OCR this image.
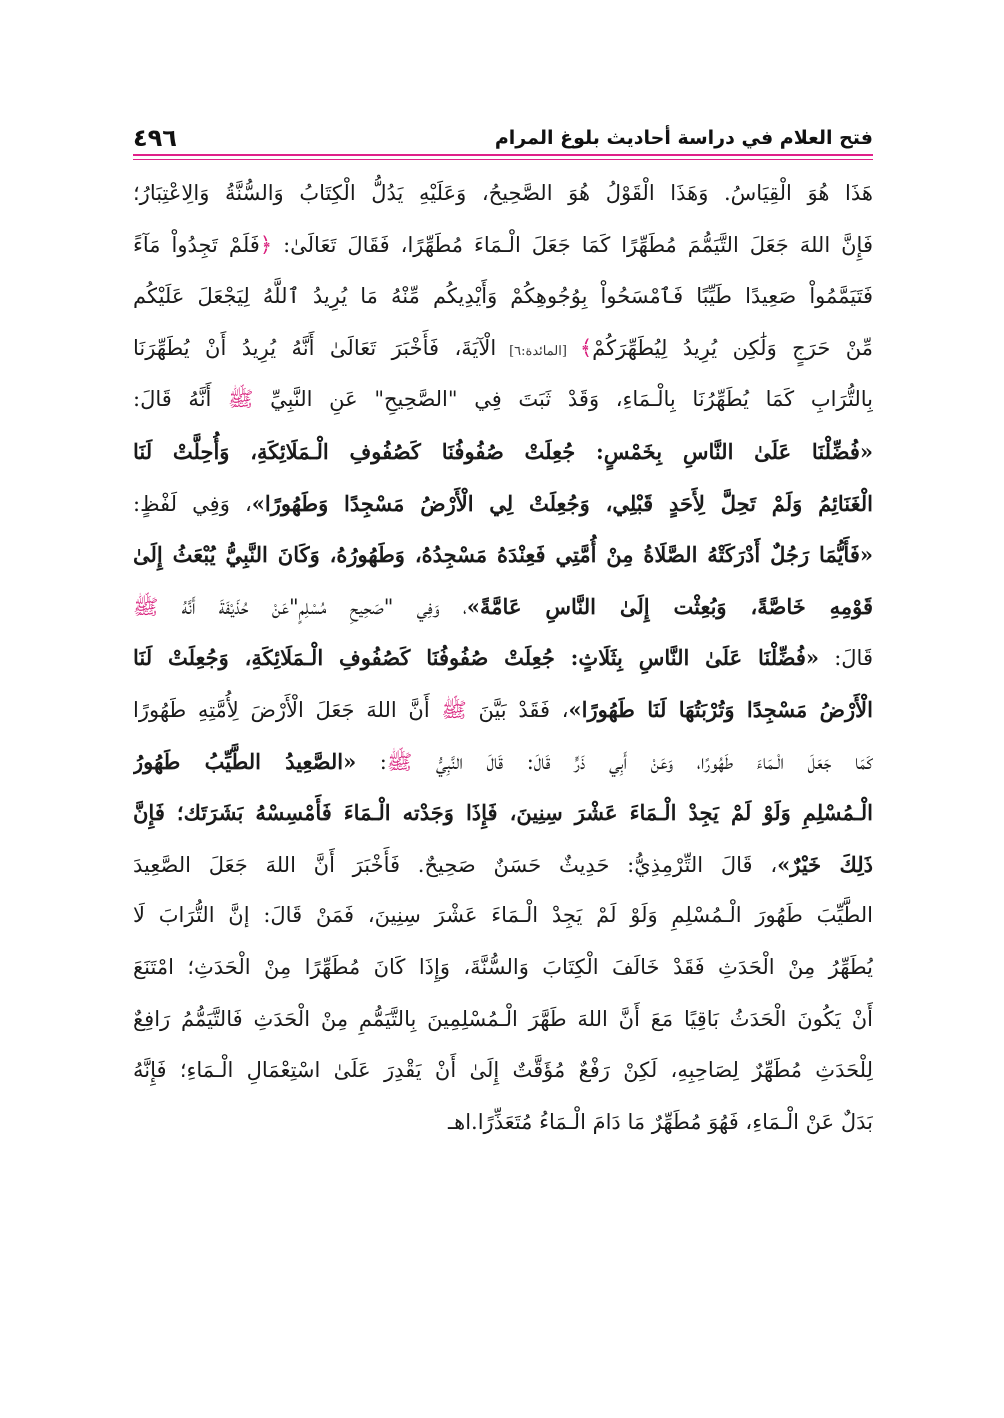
٤٩٦	فتح العلام في دراسة أحاديث بلوغ المرام
هَذَا هُوَ الْقِيَاسُ. وَهَذَا الْقَوْلُ هُوَ الصَّحِيحُ، وَعَلَيْهِ يَدُلُّ الْكِتَابُ وَالسُّنَّةُ وَالِاعْتِبَارُ؛
فَإِنَّ اللهَ جَعَلَ التَّيَمُّمَ مُطَهِّرًا كَمَا جَعَلَ الْـمَاءَ مُطَهِّرًا، فَقَالَ تَعَالَىٰ: ﴿فَلَمْ تَجِدُواْ مَآءً
فَتَيَمَّمُواْ صَعِيدًا طَيِّبًا فَٱمْسَحُواْ بِوُجُوهِكُمْ وَأَيْدِيكُم مِّنْهُ مَا يُرِيدُ ٱللَّهُ لِيَجْعَلَ عَلَيْكُم
مِّنْ حَرَجٍ وَلَٰكِن يُرِيدُ لِيُطَهِّرَكُمْ﴾ [المائدة:٦] الْآيَةَ، فَأَخْبَرَ تَعَالَىٰ أَنَّهُ يُرِيدُ أَنْ يُطَهِّرَنَا
بِالتُّرَابِ كَمَا يُطَهِّرُنَا بِالْـمَاءِ، وَقَدْ ثَبَتَ فِي "الصَّحِيحِ" عَنِ النَّبِيِّ ﷺ أَنَّهُ قَالَ:
«فُضِّلْنَا عَلَىٰ النَّاسِ بِخَمْسٍ: جُعِلَتْ صُفُوفُنَا كَصُفُوفِ الْـمَلَائِكَةِ، وَأُحِلَّتْ لَنَا
الْغَنَائِمُ وَلَمْ تَحِلَّ لِأَحَدٍ قَبْلِي، وَجُعِلَتْ لِي الْأَرْضُ مَسْجِدًا وَطَهُورًا»، وَفِي لَفْظٍ:
«فَأَيُّمَا رَجُلٌ أَدْرَكَتْهُ الصَّلَاةُ مِنْ أُمَّتِي فَعِنْدَهُ مَسْجِدُهُ، وَطَهُورُهُ، وَكَانَ النَّبِيُّ يُبْعَثُ إِلَىٰ
قَوْمِهِ خَاصَّةً، وَبُعِثْت إِلَىٰ النَّاسِ عَامَّةً»، وَفِي "صَحِيحِ مُسْلِمٍ"عَنْ حُذَيْفَةَ أَنَّهُ ﷺ
قَالَ: «فُضِّلْنَا عَلَىٰ النَّاسِ بِثَلَاثٍ: جُعِلَتْ صُفُوفُنَا كَصُفُوفِ الْـمَلَائِكَةِ، وَجُعِلَتْ لَنَا
الْأَرْضُ مَسْجِدًا وَتُرْبَتُهَا لَنَا طَهُورًا»، فَقَدْ بَيَّنَ ﷺ أَنَّ اللهَ جَعَلَ الْأَرْضَ لِأُمَّتِهِ طَهُورًا
كَمَا جَعَلَ الْـمَاءَ طَهُورًا، وَعَنْ أَبِي ذَرٍّ قَالَ: قَالَ النَّبِيُّ ﷺ: «الصَّعِيدُ الطَّيِّبُ طَهُورُ
الْـمُسْلِمِ وَلَوْ لَمْ يَجِدْ الْـمَاءَ عَشْرَ سِنِينَ، فَإِذَا وَجَدْته الْـمَاءَ فَأَمْسِسْهُ بَشَرَتَك؛ فَإِنَّ
ذَلِكَ خَيْرٌ»، قَالَ التِّرْمِذِيُّ: حَدِيثٌ حَسَنٌ صَحِيحٌ. فَأَخْبَرَ أَنَّ اللهَ جَعَلَ الصَّعِيدَ
الطَّيِّبَ طَهُورَ الْـمُسْلِمِ وَلَوْ لَمْ يَجِدْ الْـمَاءَ عَشْرَ سِنِينَ، فَمَنْ قَالَ: إنَّ التُّرَابَ لَا
يُطَهِّرُ مِنْ الْحَدَثِ فَقَدْ خَالَفَ الْكِتَابَ وَالسُّنَّةَ، وَإِذَا كَانَ مُطَهِّرًا مِنْ الْحَدَثِ؛ امْتَنَعَ
أَنْ يَكُونَ الْحَدَثُ بَاقِيًا مَعَ أَنَّ اللهَ طَهَّرَ الْـمُسْلِمِينَ بِالتَّيَمُّمِ مِنْ الْحَدَثِ فَالتَّيَمُّمُ رَافِعٌ
لِلْحَدَثِ مُطَهِّرٌ لِصَاحِبِهِ، لَكِنْ رَفْعٌ مُؤَقَّتٌ إِلَىٰ أَنْ يَقْدِرَ عَلَىٰ اسْتِعْمَالِ الْـمَاءِ؛ فَإِنَّهُ
بَدَلٌ عَنْ الْـمَاءِ، فَهُوَ مُطَهِّرٌ مَا دَامَ الْـمَاءُ مُتَعَذِّرًا.اهـ
